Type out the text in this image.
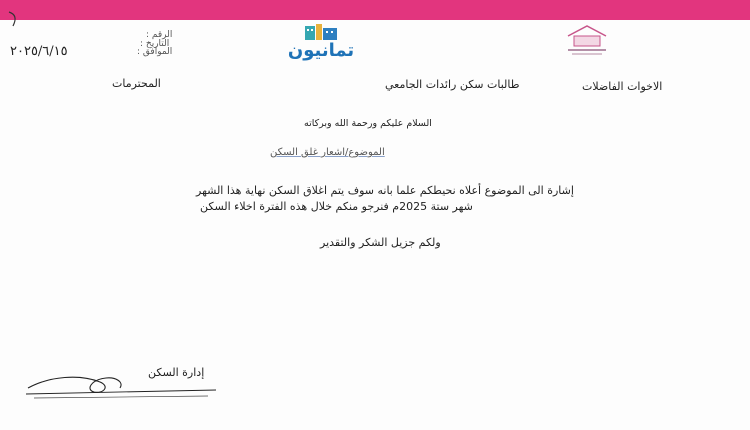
الرقم :
التاريخ :
الموافق :
٢٠٢٥/٦/١٥	تمانيون
الاخوات الفاضلات
طالبات سكن رائدات الجامعي
المحترمات
السلام عليكم ورحمة الله وبركاته
الموضوع/اشعار غلق السكن
إشارة الى الموضوع أعلاه نحيطكم علما بانه سوف يتم اغلاق السكن نهاية هذا الشهر
شهر ستة 2025م فنرجو منكم خلال هذه الفترة اخلاء السكن
ولكم جزيل الشكر والتقدير
إدارة السكن
